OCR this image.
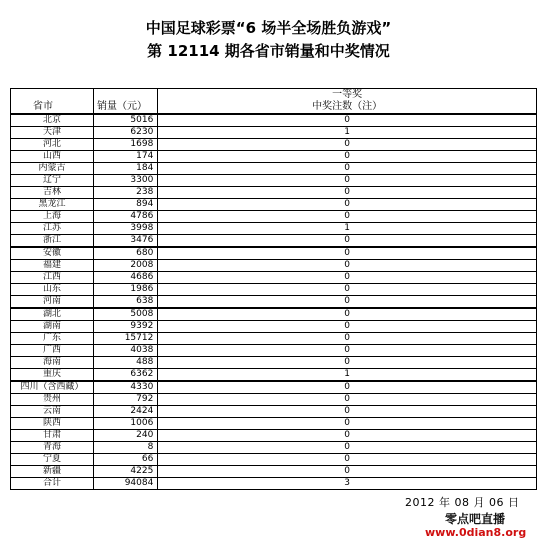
中国足球彩票“6 场半全场胜负游戏”
第 12114 期各省市销量和中奖情况
省市	销量（元）	一等奖
中奖注数（注）

北京	5016	0
天津	6230	1
河北	1698	0
山西	174	0
内蒙古	184	0
辽宁	3300	0
吉林	238	0
黑龙江	894	0
上海	4786	0
江苏	3998	1
浙江	3476	0
安徽	680	0
福建	2008	0
江西	4686	0
山东	1986	0
河南	638	0
湖北	5008	0
湖南	9392	0
广东	15712	0
广西	4038	0
海南	488	0
重庆	6362	1
四川（含西藏）	4330	0
贵州	792	0
云南	2424	0
陕西	1006	0
甘肃	240	0
青海	8	0
宁夏	66	0
新疆	4225	0
合计	94084	3
2012 年 08 月 06 日
零点吧直播
www.0dian8.org
